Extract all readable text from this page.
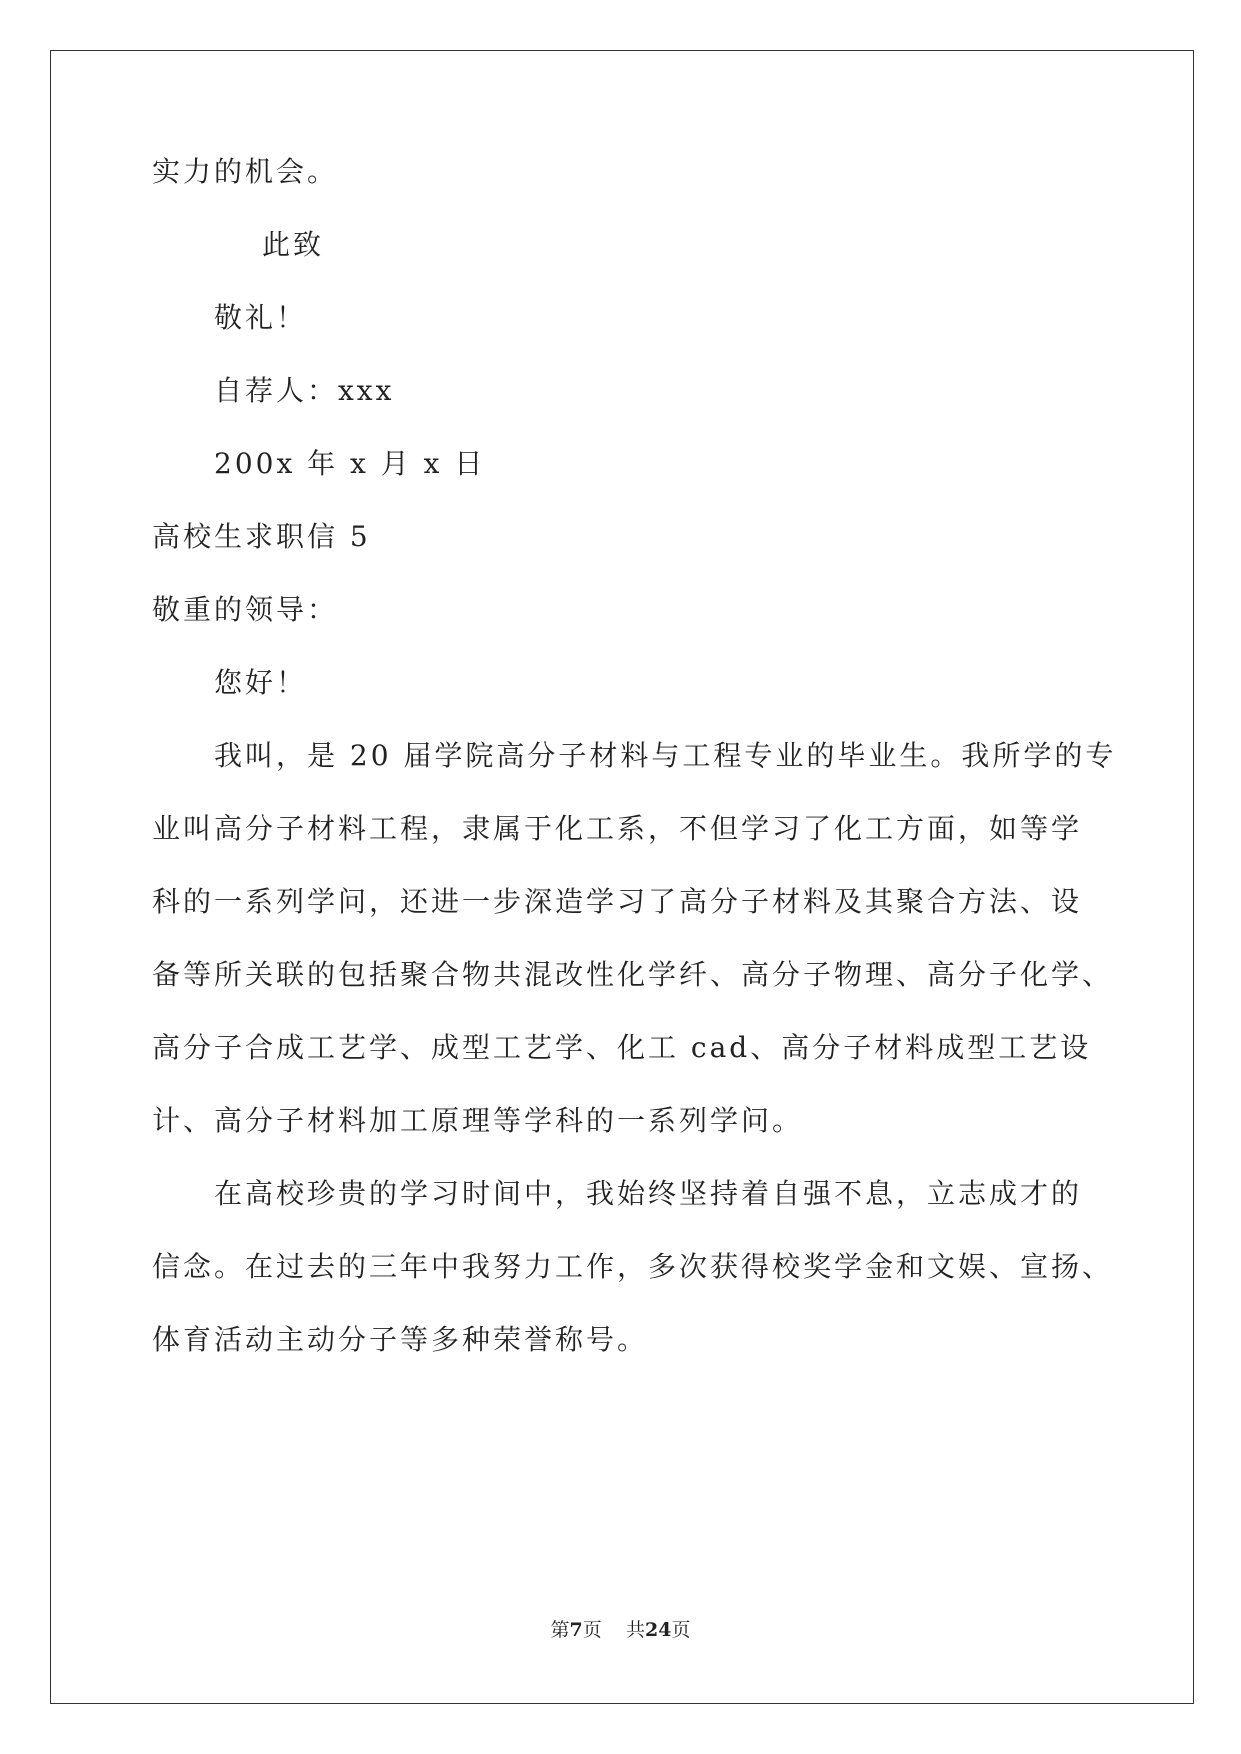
实力的机会。
此致
敬礼！
自荐人：xxx
200x 年 x 月 x 日
高校生求职信 5
敬重的领导：
您好！
我叫，是 20 届学院高分子材料与工程专业的毕业生。我所学的专
业叫高分子材料工程，隶属于化工系，不但学习了化工方面，如等学
科的一系列学问，还进一步深造学习了高分子材料及其聚合方法、设
备等所关联的包括聚合物共混改性化学纤、高分子物理、高分子化学、
高分子合成工艺学、成型工艺学、化工 cad、高分子材料成型工艺设
计、高分子材料加工原理等学科的一系列学问。
在高校珍贵的学习时间中，我始终坚持着自强不息，立志成才的
信念。在过去的三年中我努力工作，多次获得校奖学金和文娱、宣扬、
体育活动主动分子等多种荣誉称号。
第7页 共24页
